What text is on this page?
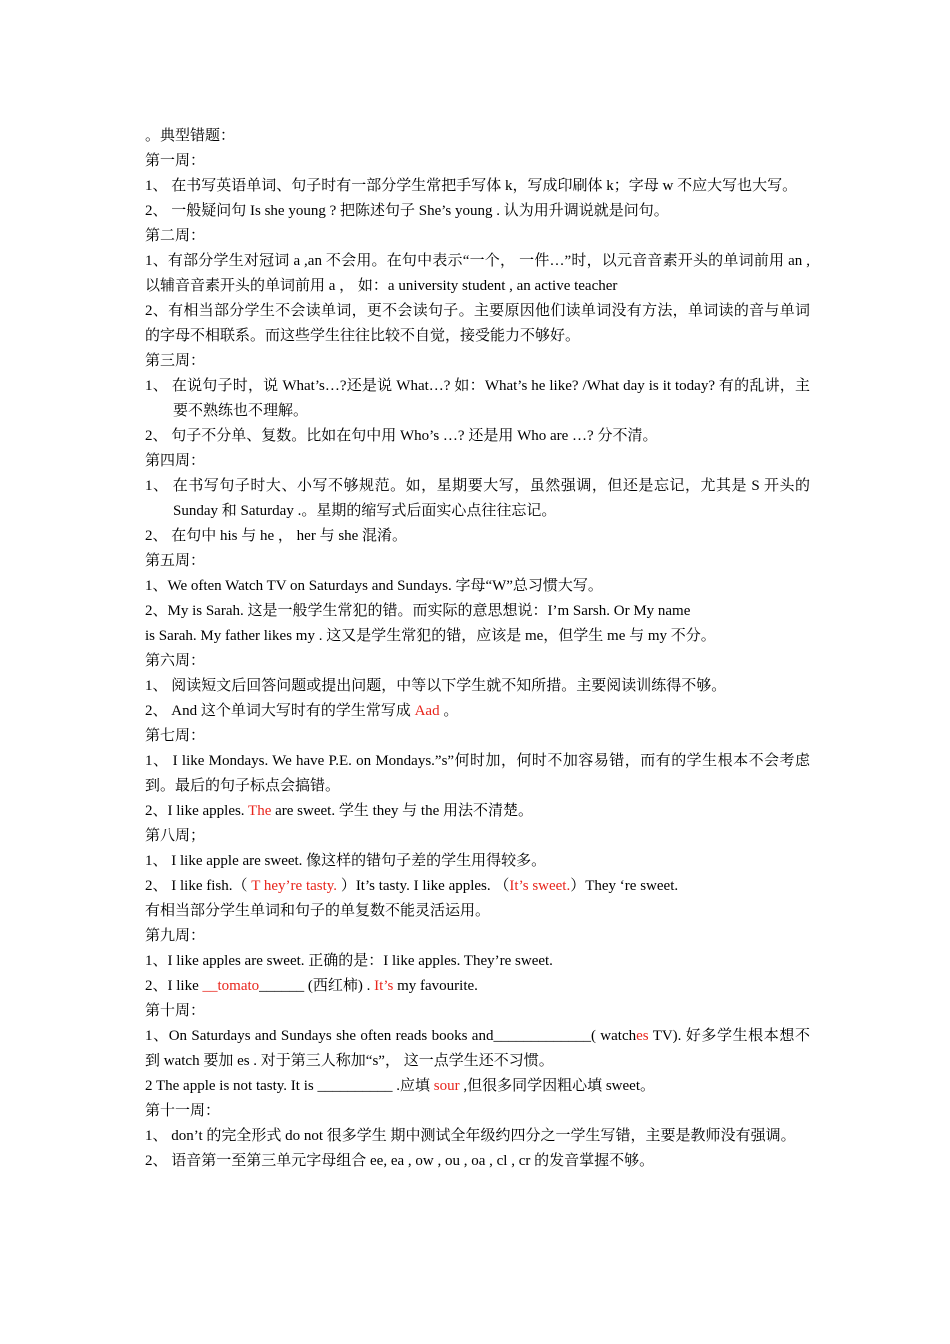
。典型错题：
第一周：
1、 在书写英语单词、句子时有一部分学生常把手写体 k，写成印刷体 k；字母 w 不应大写也大写。
2、 一般疑问句 Is she young ? 把陈述句子 She’s young . 认为用升调说就是问句。
第二周：
1、有部分学生对冠词 a ,an 不会用。在句中表示“一个， 一件…”时，以元音音素开头的单词前用 an , 以辅音音素开头的单词前用 a ， 如：a university student , an active teacher
2、有相当部分学生不会读单词，更不会读句子。主要原因他们读单词没有方法，单词读的音与单词的字母不相联系。而这些学生往往比较不自觉，接受能力不够好。
第三周：
1、 在说句子时，说 What’s…?还是说 What…? 如：What’s he like? /What day is it today? 有的乱讲，主要不熟练也不理解。
2、 句子不分单、复数。比如在句中用 Who’s …? 还是用 Who are …? 分不清。
第四周：
1、 在书写句子时大、小写不够规范。如，星期要大写，虽然强调，但还是忘记，尤其是 S 开头的 Sunday 和 Saturday .。星期的缩写式后面实心点往往忘记。
2、 在句中 his 与 he ， her 与 she 混淆。
第五周：
1、We often Watch TV on Saturdays and Sundays. 字母“W”总习惯大写。
2、My is Sarah. 这是一般学生常犯的错。而实际的意思想说：I’m Sarsh. Or My name
is Sarah. My father likes my . 这又是学生常犯的错，应该是 me，但学生 me 与 my 不分。
第六周：
1、 阅读短文后回答问题或提出问题，中等以下学生就不知所措。主要阅读训练得不够。
2、 And 这个单词大写时有的学生常写成 Aad 。
第七周：
1、 I like Mondays. We have P.E. on Mondays.”s”何时加，何时不加容易错，而有的学生根本不会考虑到。最后的句子标点会搞错。
2、I like apples. The are sweet. 学生 they 与 the 用法不清楚。
第八周；
1、 I like apple are sweet. 像这样的错句子差的学生用得较多。
2、 I like fish.（ T hey’re tasty. ）It’s tasty. I like apples. （It’s sweet.）They ‘re sweet.
有相当部分学生单词和句子的单复数不能灵活运用。
第九周：
1、I like apples are sweet. 正确的是：I like apples. They’re sweet.
2、I like __tomato______ (西红柿) . It’s my favourite.
第十周：
1、On Saturdays and Sundays she often reads books and_____________( watches TV). 好多学生根本想不到 watch 要加 es . 对于第三人称加“s”， 这一点学生还不习惯。
2 The apple is not tasty. It is __________ .应填 sour ,但很多同学因粗心填 sweet。
第十一周：
1、 don’t 的完全形式 do not 很多学生 期中测试全年级约四分之一学生写错，主要是教师没有强调。
2、 语音第一至第三单元字母组合 ee, ea , ow , ou , oa , cl , cr 的发音掌握不够。
